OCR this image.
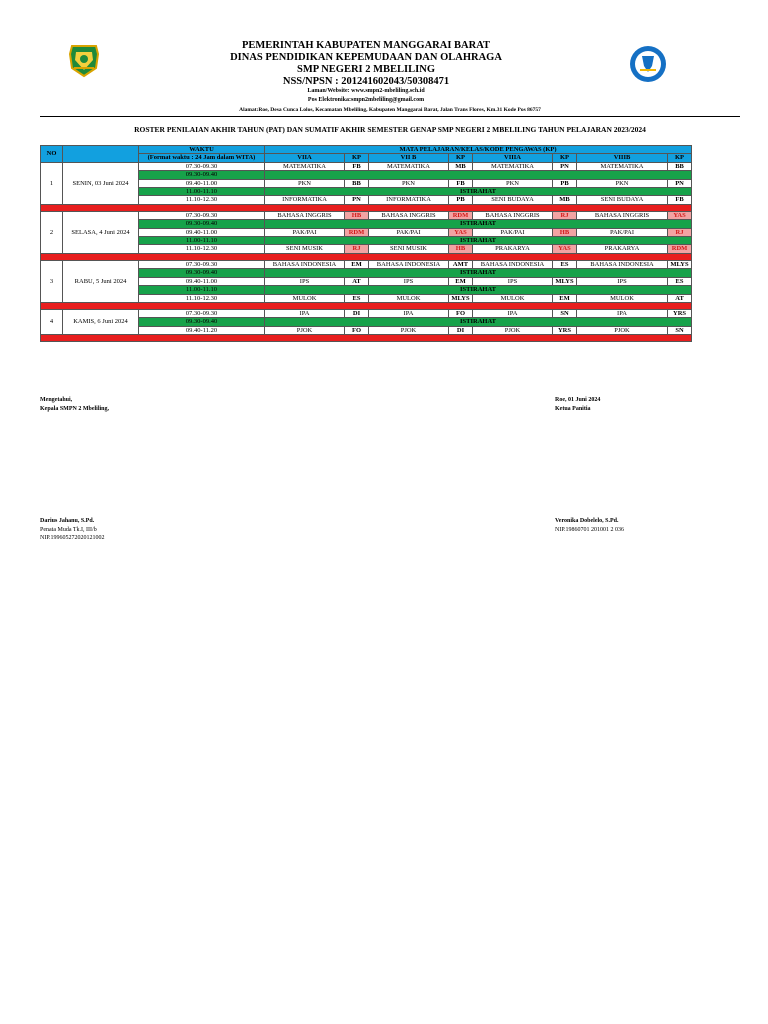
PEMERINTAH KABUPATEN MANGGARAI BARAT
DINAS PENDIDIKAN KEPEMUDAAN DAN OLAHRAGA
SMP NEGERI 2 MBELILING
NSS/NPSN : 201241602043/50308471
Laman/Website: www.smpn2-mbeliling.sch.id
Pos Elektronika:smpn2mbeliling@gmail.com
Alamat:Roe, Desa Cunca Lolos, Kecamatan Mbeliling, Kabupaten Manggarai Barat, Jalan Trans Flores, Km.31 Kode Pos 86757
ROSTER PENILAIAN AKHIR TAHUN (PAT) DAN SUMATIF AKHIR SEMESTER GENAP SMP NEGERI 2 MBELILING TAHUN PELAJARAN 2023/2024
NO		WAKTU	MATA PELAJARAN/KELAS/KODE PENGAWAS (KP)							

		(Format waktu : 24 Jam dalam WITA)	VIIA	KP	VII B	KP	VIIIA	KP	VIIIB	KP
1	SENIN, 03 Juni 2024	07.30-09.30	MATEMATIKA	FB	MATEMATIKA	MB	MATEMATIKA	PN	MATEMATIKA	BB
		09.30-09.40								
		09.40-11.00	PKN	BB	PKN	FB	PKN	PB	PKN	PN
		11.00-11.10	ISTIRAHAT							
		11.10-12.30	INFORMATIKA	PN	INFORMATIKA	PB	SENI BUDAYA	MB	SENI BUDAYA	FB

2	SELASA, 4 Juni 2024	07.30-09.30	BAHASA INGGRIS	HB	BAHASA INGGRIS	RDM	BAHASA INGGRIS	RJ	BAHASA INGGRIS	YAS
		09.30-09.40	ISTIRAHAT							
		09.40-11.00	PAK/PAI	RDM	PAK/PAI	YAS	PAK/PAI	HB	PAK/PAI	RJ
		11.00-11.10	ISTIRAHAT							
		11.10-12.30	SENI MUSIK	RJ	SENI MUSIK	HB	PRAKARYA	YAS	PRAKARYA	RDM

3	RABU, 5 Juni 2024	07.30-09.30	BAHASA INDONESIA	EM	BAHASA INDONESIA	AMT	BAHASA INDONESIA	ES	BAHASA INDONESIA	MLYS
		09.30-09.40	ISTIRAHAT							
		09.40-11.00	IPS	AT	IPS	EM	IPS	MLYS	IPS	ES
		11.00-11.10	ISTIRAHAT							
		11.10-12.30	MULOK	ES	MULOK	MLYS	MULOK	EM	MULOK	AT

4	KAMIS, 6 Juni 2024	07.30-09.30	IPA	DI	IPA	FO	IPA	SN	IPA	YRS
		09.30-09.40	ISTIRAHAT							
		09.40-11.20	PJOK	FO	PJOK	DI	PJOK	YRS	PJOK	SN

Mengetahui,
Kepala SMPN 2 Mbeliling,
Darius Jahanu, S.Pd.
Penata Muda Tk.I, III/b
NIP.199605272020121002
Roe, 01 Juni 2024
Ketua Panitia
Veronika Dobelelo, S.Pd.
NIP.19860701 201001 2 036
